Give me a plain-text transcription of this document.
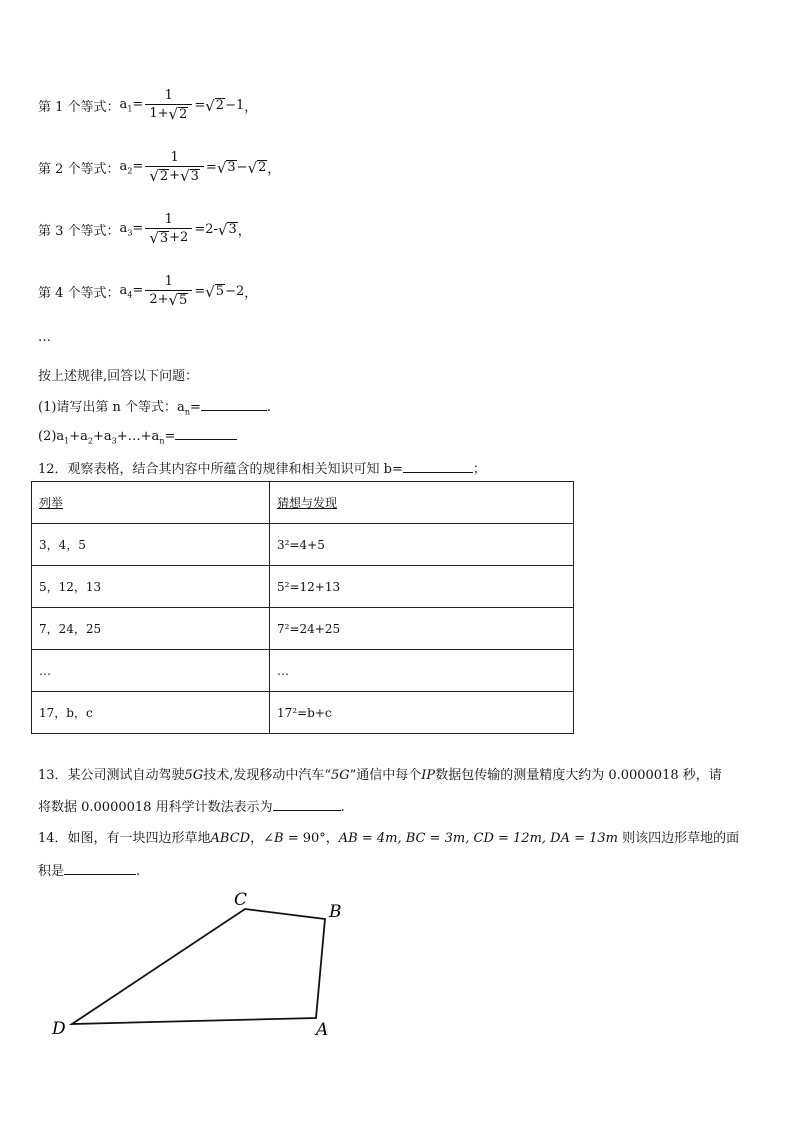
第 1 个等式： $a_1= \frac{1}{1+ √ 2}$ = √ 2 −1 ，
第 2 个等式： $a_2= \frac{1}{√ 2 + √ 3}$ = √ 3 − √ 2 ，
第 3 个等式： $a_3= \frac{1}{√ 3 +2} =2-$ √ 3 ，
第 4 个等式： $a_4= \frac{1}{2+ √ 5}$ = √ 5 −2 ，
…
按上述规律,回答以下问题：
(1)请写出第 n 个等式：$a_n=$	.
$(2)a_1+a_2+a_3+\dots+a_n=$
12．观察表格，结合其内容中所蕴含的规律和相关知识可知 b=	；
列举	猜想与发现
3，4，5	3²=4+5
5，12，13	5²=12+13
7，24，25	7²=24+25
…	…
17，b，c	17²=b+c
13．某公司测试自动驾驶5G技术,发现移动中汽车“5G”通信中每个IP数据包传输的测量精度大约为 0.0000018 秒，请
将数据 0.0000018 用科学计数法表示为	.
14．如图，有一块四边形草地ABCD，∠B = 90°，AB = 4m, BC = 3m, CD = 12m, DA = 13m 则该四边形草地的面
积是	.
C
B
A
D
